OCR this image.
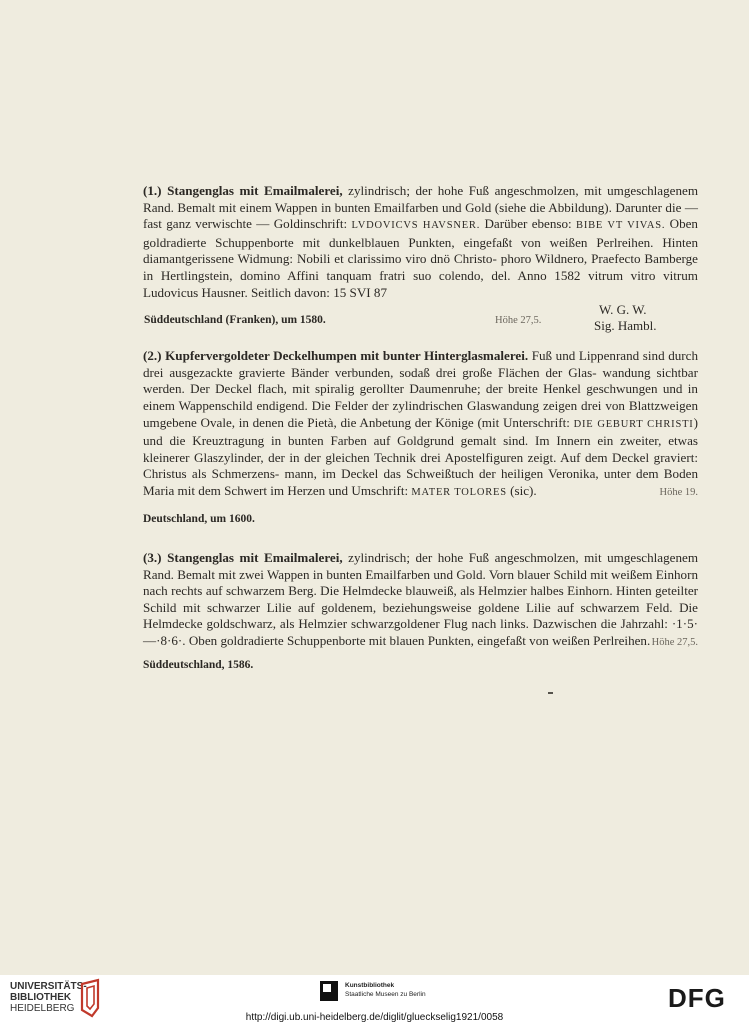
(1.) Stangenglas mit Emailmalerei, zylindrisch; der hohe Fuß angeschmolzen, mit umgeschlagenem Rand. Bemalt mit einem Wappen in bunten Emailfarben und Gold (siehe die Abbildung). Darunter die — fast ganz verwischte — Goldinschrift: LVDOVICVS HAVSNER. Darüber ebenso: BIBE VT VIVAS. Oben goldradierte Schuppenborte mit dunkelblauen Punkten, eingefaßt von weißen Perlreihen. Hinten diamantgerissene Widmung: Nobili et clarissimo viro dnö Christo- phoro Wildnero, Praefecto Bamberge in Hertlingstein, domino Affini tanquam fratri suo colendo, del. Anno 1582 vitrum vitro vitrum Ludovicus Hausner. Seitlich davon: 15 SVI 87

Süddeutschland (Franken), um 1580.	Höhe 27,5.
W. G. W.
Sig. Hambl.

(2.) Kupfervergoldeter Deckelhumpen mit bunter Hinterglasmalerei. Fuß und Lippenrand sind durch drei ausgezackte gravierte Bänder verbunden, sodaß drei große Flächen der Glas- wandung sichtbar werden. Der Deckel flach, mit spiralig gerollter Daumenruhe; der breite Henkel geschwungen und in einem Wappenschild endigend. Die Felder der zylindrischen Glaswandung zeigen drei von Blattzweigen umgebene Ovale, in denen die Pietà, die Anbetung der Könige (mit Unterschrift: DIE GEBURT CHRISTI) und die Kreuztragung in bunten Farben auf Goldgrund gemalt sind. Im Innern ein zweiter, etwas kleinerer Glaszylinder, der in der gleichen Technik drei Apostelfiguren zeigt. Auf dem Deckel graviert: Christus als Schmerzens- mann, im Deckel das Schweißtuch der heiligen Veronika, unter dem Boden Maria mit dem Schwert im Herzen und Umschrift: MATER TOLORES (sic).	Höhe 19.

Deutschland, um 1600.

(3.) Stangenglas mit Emailmalerei, zylindrisch; der hohe Fuß angeschmolzen, mit umgeschlagenem Rand. Bemalt mit zwei Wappen in bunten Emailfarben und Gold. Vorn blauer Schild mit weißem Einhorn nach rechts auf schwarzem Berg. Die Helmdecke blauweiß, als Helmzier halbes Einhorn. Hinten geteilter Schild mit schwarzer Lilie auf goldenem, beziehungsweise goldene Lilie auf schwarzem Feld. Die Helmdecke goldschwarz, als Helmzier schwarzgoldener Flug nach links. Dazwischen die Jahrzahl: ·1·5·—·8·6·. Oben goldradierte Schuppenborte mit blauen Punkten, eingefaßt von weißen Perlreihen. Höhe 27,5.

Süddeutschland, 1586.
UNIVERSITÄTS-
BIBLIOTHEK
HEIDELBERG
Kunstbibliothek
Staatliche Museen zu Berlin	DFG
http://digi.ub.uni-heidelberg.de/diglit/glueckselig1921/0058
